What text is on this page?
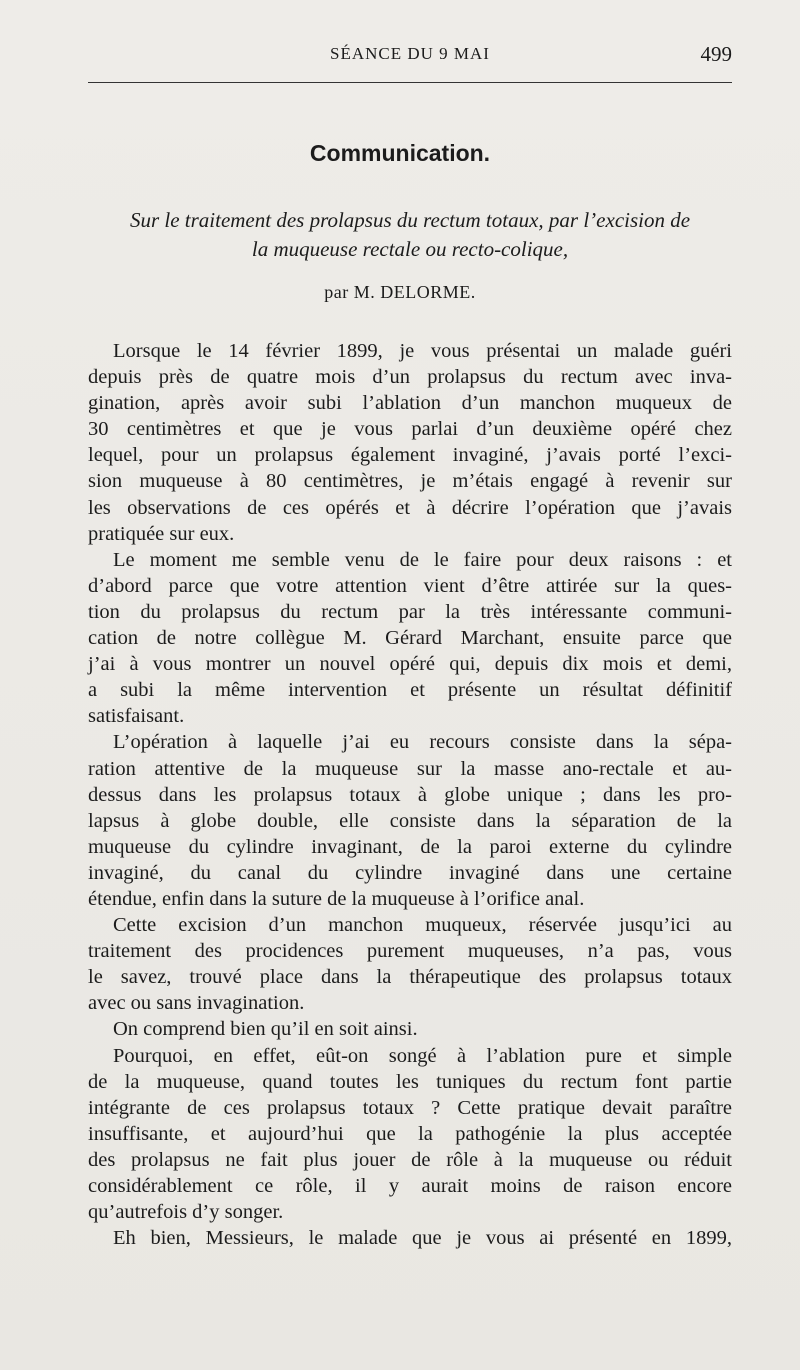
SÉANCE DU 9 MAI	499
Communication.
Sur le traitement des prolapsus du rectum totaux, par l’excision de
la muqueuse rectale ou recto-colique,
par M. DELORME.
Lorsque le 14 février 1899, je vous présentai un malade guéri
depuis près de quatre mois d’un prolapsus du rectum avec inva-
gination, après avoir subi l’ablation d’un manchon muqueux de
30 centimètres et que je vous parlai d’un deuxième opéré chez
lequel, pour un prolapsus également invaginé, j’avais porté l’exci-
sion muqueuse à 80 centimètres, je m’étais engagé à revenir sur
les observations de ces opérés et à décrire l’opération que j’avais
pratiquée sur eux.
Le moment me semble venu de le faire pour deux raisons : et
d’abord parce que votre attention vient d’être attirée sur la ques-
tion du prolapsus du rectum par la très intéressante communi-
cation de notre collègue M. Gérard Marchant, ensuite parce que
j’ai à vous montrer un nouvel opéré qui, depuis dix mois et demi,
a subi la même intervention et présente un résultat définitif
satisfaisant.
L’opération à laquelle j’ai eu recours consiste dans la sépa-
ration attentive de la muqueuse sur la masse ano-rectale et au-
dessus dans les prolapsus totaux à globe unique ; dans les pro-
lapsus à globe double, elle consiste dans la séparation de la
muqueuse du cylindre invaginant, de la paroi externe du cylindre
invaginé, du canal du cylindre invaginé dans une certaine
étendue, enfin dans la suture de la muqueuse à l’orifice anal.
Cette excision d’un manchon muqueux, réservée jusqu’ici au
traitement des procidences purement muqueuses, n’a pas, vous
le savez, trouvé place dans la thérapeutique des prolapsus totaux
avec ou sans invagination.
On comprend bien qu’il en soit ainsi.
Pourquoi, en effet, eût-on songé à l’ablation pure et simple
de la muqueuse, quand toutes les tuniques du rectum font partie
intégrante de ces prolapsus totaux ? Cette pratique devait paraître
insuffisante, et aujourd’hui que la pathogénie la plus acceptée
des prolapsus ne fait plus jouer de rôle à la muqueuse ou réduit
considérablement ce rôle, il y aurait moins de raison encore
qu’autrefois d’y songer.
Eh bien, Messieurs, le malade que je vous ai présenté en 1899,
